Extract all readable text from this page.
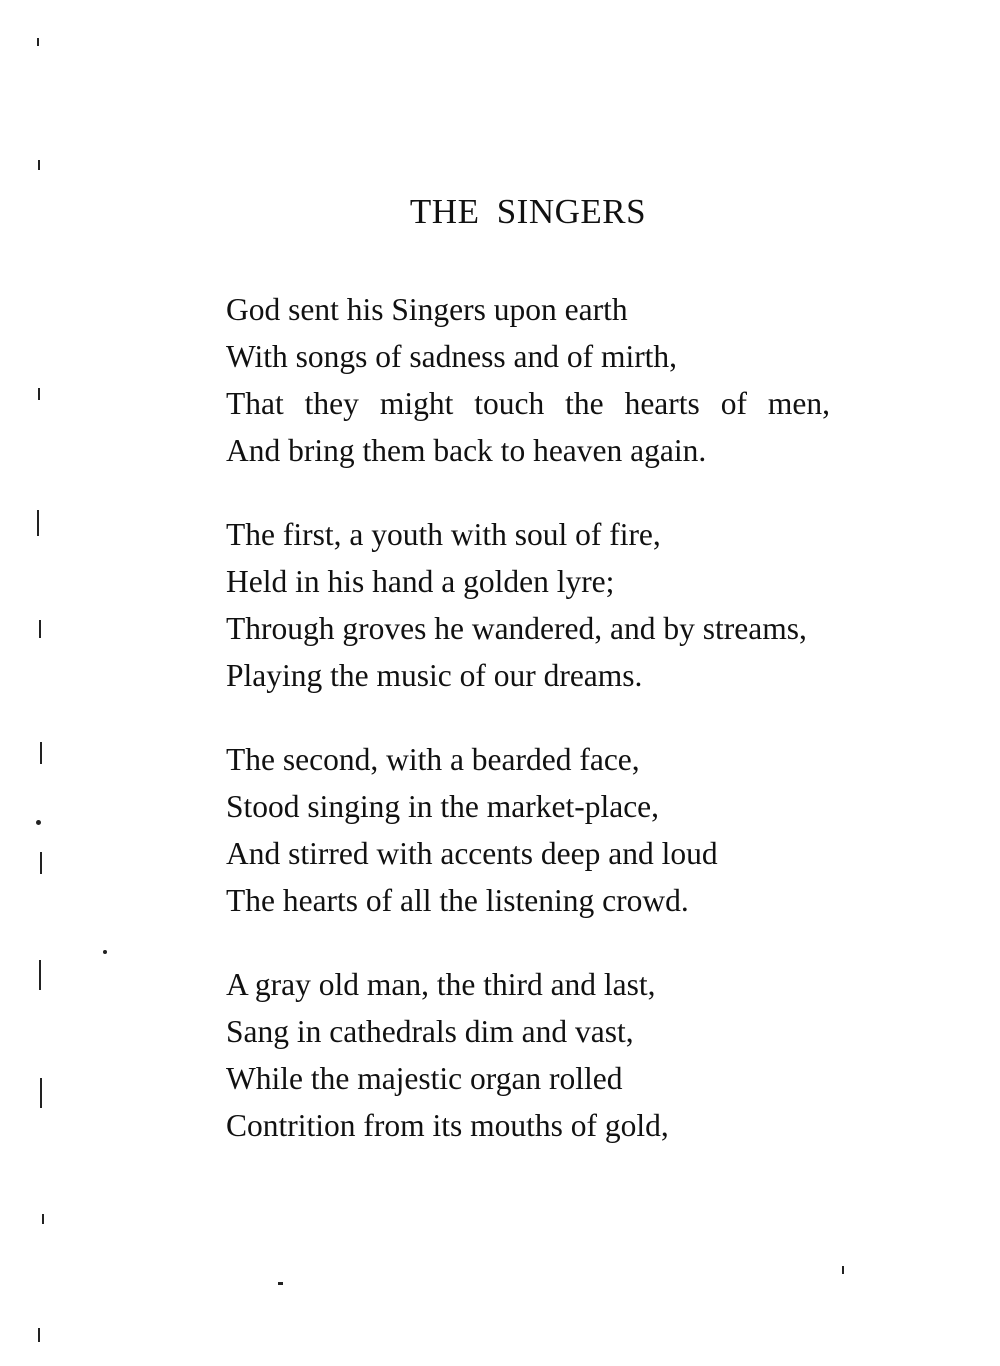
THE SINGERS
God sent his Singers upon earth
With songs of sadness and of mirth,
That they might touch the hearts of men,
And bring them back to heaven again.
The first, a youth with soul of fire,
Held in his hand a golden lyre;
Through groves he wandered, and by streams,
Playing the music of our dreams.
The second, with a bearded face,
Stood singing in the market-place,
And stirred with accents deep and loud
The hearts of all the listening crowd.
A gray old man, the third and last,
Sang in cathedrals dim and vast,
While the majestic organ rolled
Contrition from its mouths of gold,
